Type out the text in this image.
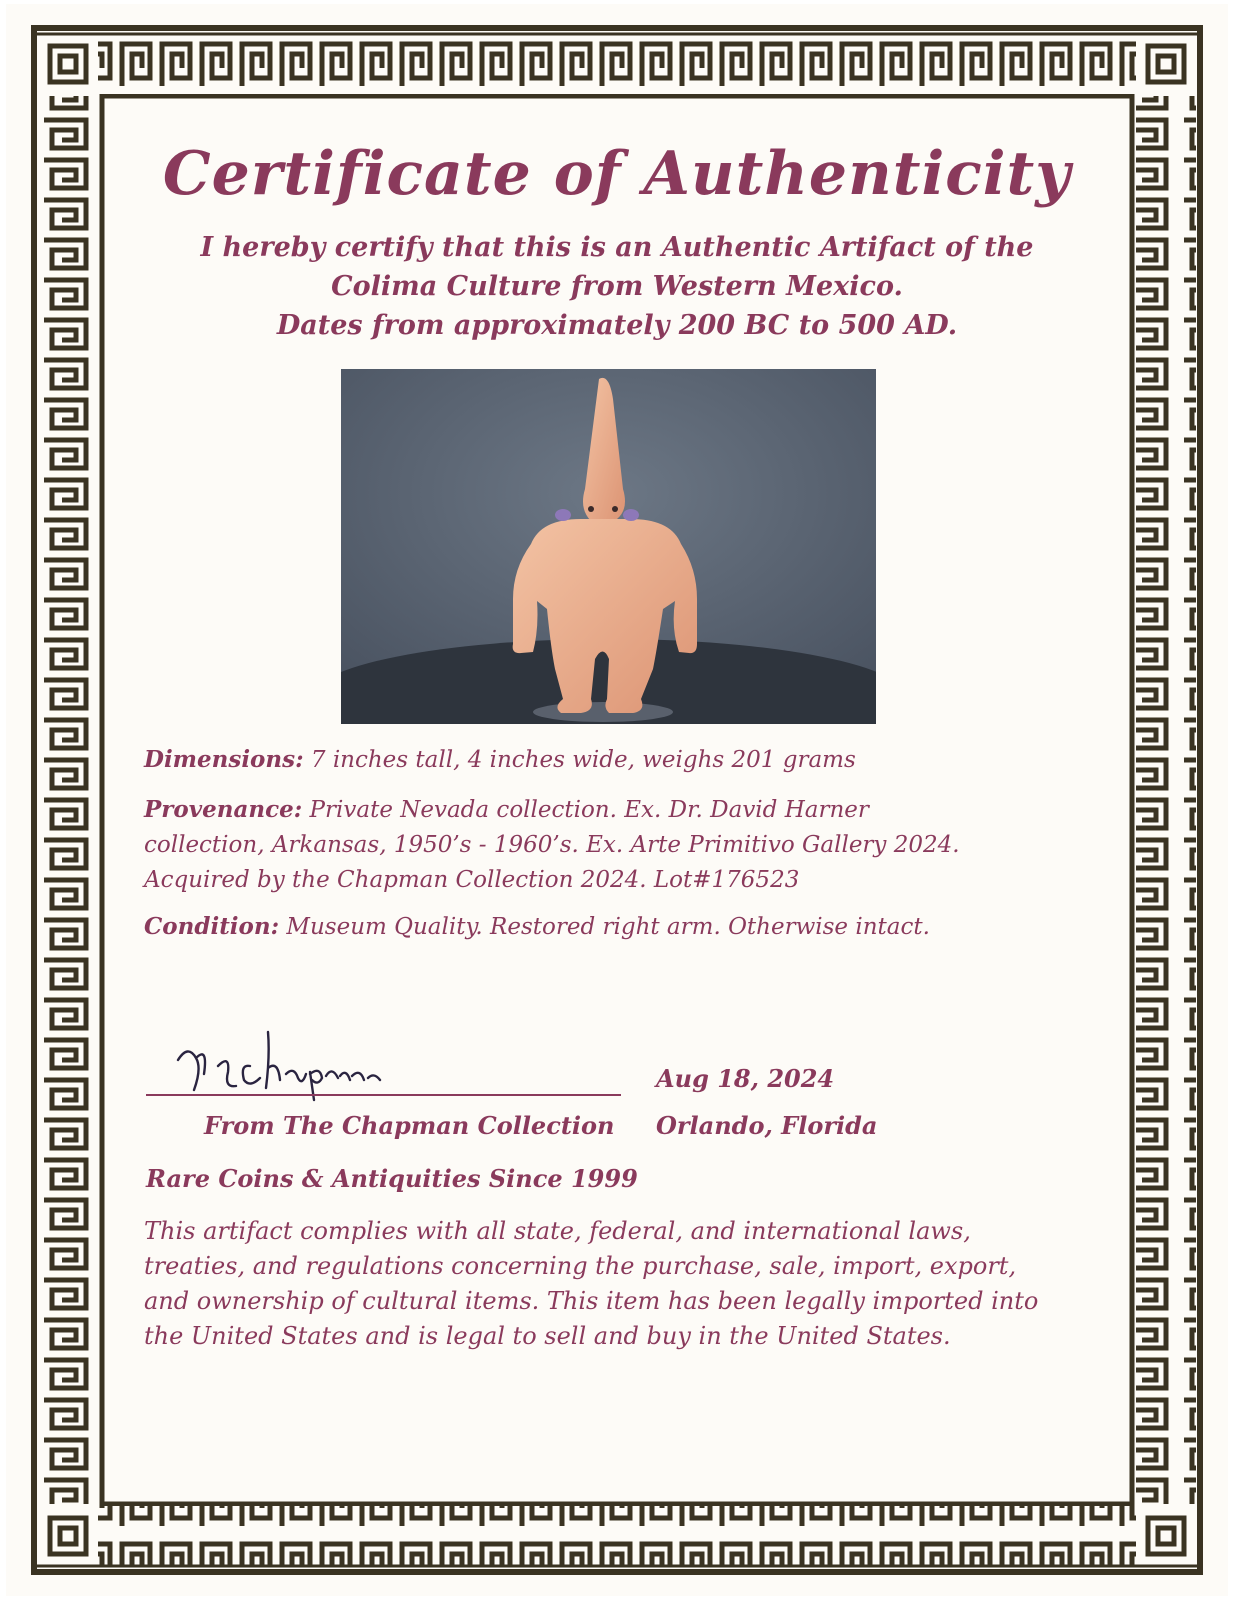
Certificate of Authenticity
I hereby certify that this is an Authentic Artifact of the
Colima Culture from Western Mexico.
Dates from approximately 200 BC to 500 AD.
Dimensions: 7 inches tall, 4 inches wide, weighs 201 grams
Provenance: Private Nevada collection. Ex. Dr. David Harner
collection, Arkansas, 1950’s - 1960’s. Ex. Arte Primitivo Gallery 2024.
Acquired by the Chapman Collection 2024. Lot#176523
Condition: Museum Quality. Restored right arm. Otherwise intact.
From The Chapman Collection
Aug 18, 2024
Orlando, Florida
Rare Coins & Antiquities Since 1999
This artifact complies with all state, federal, and international laws,
treaties, and regulations concerning the purchase, sale, import, export,
and ownership of cultural items. This item has been legally imported into
the United States and is legal to sell and buy in the United States.
